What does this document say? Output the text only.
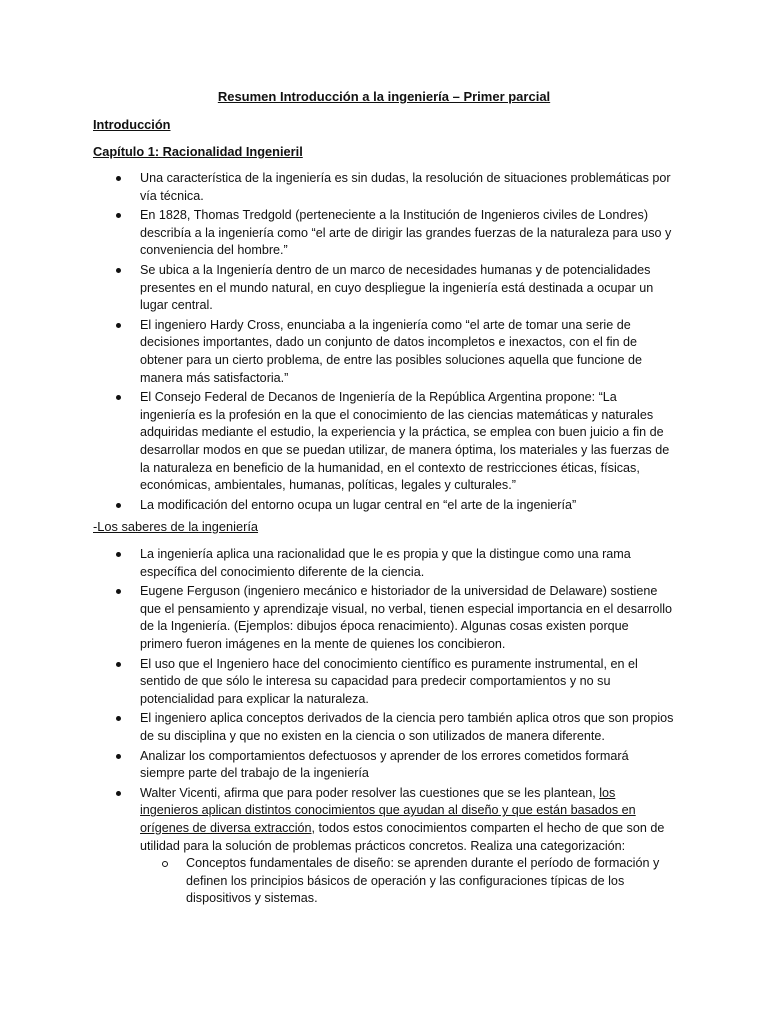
Resumen Introducción a la ingeniería – Primer parcial
Introducción
Capítulo 1: Racionalidad Ingenieril
Una característica de la ingeniería es sin dudas, la resolución de situaciones problemáticas por vía técnica.
En 1828, Thomas Tredgold (perteneciente a la Institución de Ingenieros civiles de Londres) describía a la ingeniería como “el arte de dirigir las grandes fuerzas de la naturaleza para uso y conveniencia del hombre.”
Se ubica a la Ingeniería dentro de un marco de necesidades humanas y de potencialidades presentes en el mundo natural, en cuyo despliegue la ingeniería está destinada a ocupar un lugar central.
El ingeniero Hardy Cross, enunciaba a la ingeniería como “el arte de tomar una serie de decisiones importantes, dado un conjunto de datos incompletos e inexactos, con el fin de obtener para un cierto problema, de entre las posibles soluciones aquella que funcione de manera más satisfactoria.”
El Consejo Federal de Decanos de Ingeniería de la República Argentina propone: “La ingeniería es la profesión en la que el conocimiento de las ciencias matemáticas y naturales adquiridas mediante el estudio, la experiencia y la práctica, se emplea con buen juicio a fin de desarrollar modos en que se puedan utilizar, de manera óptima, los materiales y las fuerzas de la naturaleza en beneficio de la humanidad, en el contexto de restricciones éticas, físicas, económicas, ambientales, humanas, políticas, legales y culturales.”
La modificación del entorno ocupa un lugar central en “el arte de la ingeniería”
-Los saberes de la ingeniería
La ingeniería aplica una racionalidad que le es propia y que la distingue como una rama específica del conocimiento diferente de la ciencia.
Eugene Ferguson (ingeniero mecánico e historiador de la universidad de Delaware) sostiene que el pensamiento y aprendizaje visual, no verbal, tienen especial importancia en el desarrollo de la Ingeniería. (Ejemplos: dibujos época renacimiento). Algunas cosas existen porque primero fueron imágenes en la mente de quienes los concibieron.
El uso que el Ingeniero hace del conocimiento científico es puramente instrumental, en el sentido de que sólo le interesa su capacidad para predecir comportamientos y no su potencialidad para explicar la naturaleza.
El ingeniero aplica conceptos derivados de la ciencia pero también aplica otros que son propios de su disciplina y que no existen en la ciencia o son utilizados de manera diferente.
Analizar los comportamientos defectuosos y aprender de los errores cometidos formará siempre parte del trabajo de la ingeniería
Walter Vicenti, afirma que para poder resolver las cuestiones que se les plantean, los ingenieros aplican distintos conocimientos que ayudan al diseño y que están basados en orígenes de diversa extracción, todos estos conocimientos comparten el hecho de que son de utilidad para la solución de problemas prácticos concretos. Realiza una categorización:
Conceptos fundamentales de diseño: se aprenden durante el período de formación y definen los principios básicos de operación y las configuraciones típicas de los dispositivos y sistemas.
